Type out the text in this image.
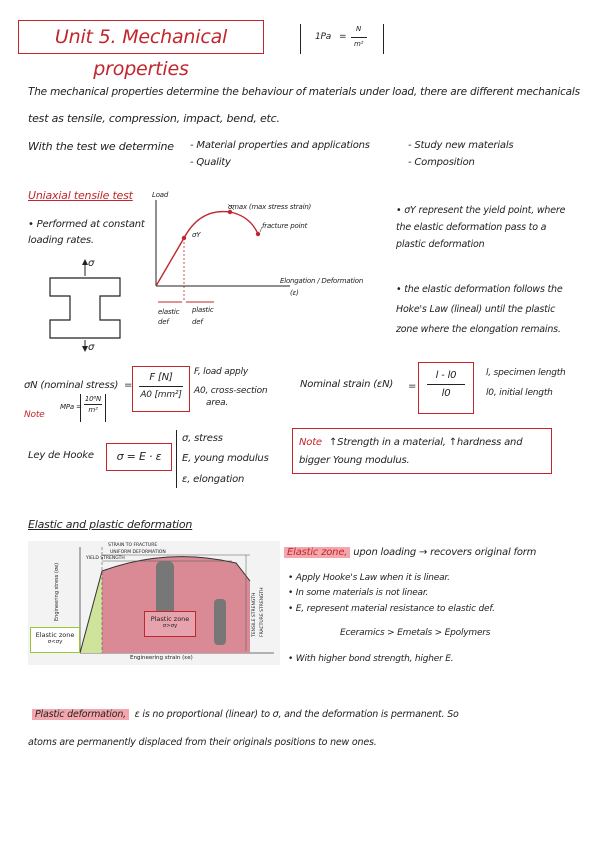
Unit 5. Mechanical properties
1Pa =
N
m²
The mechanical properties determine the behaviour of materials under load, there are different mechanicals
test as tensile, compression, impact, bend, etc.
With the test we determine - Material properties and applications
- Quality
- Study new materials
- Composition
Uniaxial tensile test
• Performed at constant loading rates.
σ
σ
Load
σmax (max stress strain)
σY
fracture point
Elongation / Deformation
(ε)
elastic
def
plastic
def
• σY represent the yield point, where the elastic deformation pass to a plastic deformation
• the elastic deformation follows the Hoke's Law (lineal) until the plastic zone where the elongation remains.
σN (nominal stress) =
F [N]
A0 [mm²]
F, load apply
A0, cross-section
area.
Note
MPa =
10⁶N
m²
Nominal strain (εN) =
l - l0
l0
l, specimen length
l0, initial length
Ley de Hooke	σ = E · ε
σ, stress
E, young modulus
ε, elongation
Note ↑Strength in a material, ↑hardness and
bigger Young modulus.
Elastic and plastic deformation
STRAIN TO FRACTURE
UNIFORM DEFORMATION
YIELD STRENGTH
Engineering stress (σe)
Engineering strain (εe)
TENSILE STRENGTH FRACTURE STRENGTH
Plastic zone
σ>σy
Elastic zone
σ<σy
Elastic zone, upon loading → recovers original form
• Apply Hooke's Law when it is linear.
• In some materials is not linear.
• E, represent material resistance to elastic def.
Eceramics > Emetals > Epolymers
• With higher bond strength, higher E.
Plastic deformation, ε is no proportional (linear) to σ, and the deformation is permanent. So
atoms are permanently displaced from their originals positions to new ones.
